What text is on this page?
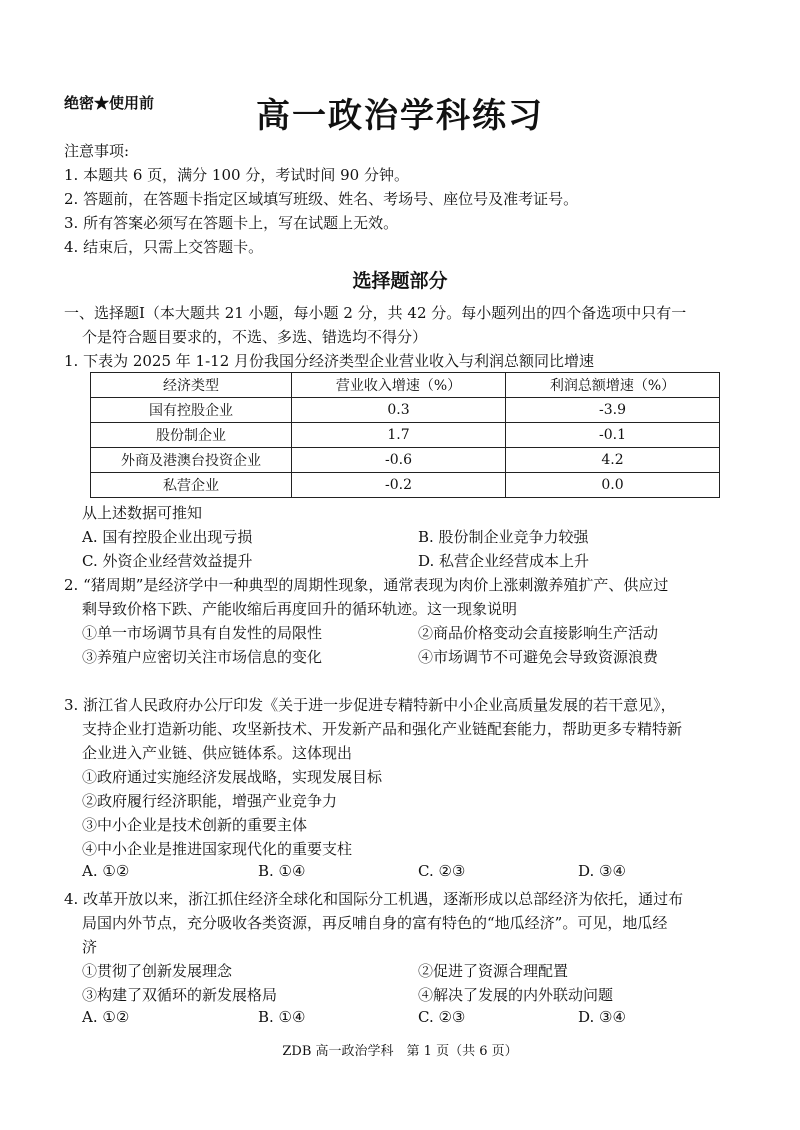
绝密★使用前	高一政治学科练习
注意事项:
1. 本题共 6 页，满分 100 分，考试时间 90 分钟。
2. 答题前，在答题卡指定区域填写班级、姓名、考场号、座位号及准考证号。
3. 所有答案必须写在答题卡上，写在试题上无效。
4. 结束后，只需上交答题卡。
选择题部分
一、选择题Ⅰ（本大题共 21 小题，每小题 2 分，共 42 分。每小题列出的四个备选项中只有一
个是符合题目要求的，不选、多选、错选均不得分）
1. 下表为 2025 年 1-12 月份我国分经济类型企业营业收入与利润总额同比增速
经济类型	营业收入增速（%）	利润总额增速（%）
国有控股企业	0.3	-3.9
股份制企业	1.7	-0.1
外商及港澳台投资企业	-0.6	4.2
私营企业	-0.2	0.0
从上述数据可推知
A. 国有控股企业出现亏损	B. 股份制企业竞争力较强
C. 外资企业经营效益提升	D. 私营企业经营成本上升
2. “猪周期”是经济学中一种典型的周期性现象，通常表现为肉价上涨刺激养殖扩产、供应过
剩导致价格下跌、产能收缩后再度回升的循环轨迹。这一现象说明
①单一市场调节具有自发性的局限性	②商品价格变动会直接影响生产活动
③养殖户应密切关注市场信息的变化	④市场调节不可避免会导致资源浪费
3. 浙江省人民政府办公厅印发《关于进一步促进专精特新中小企业高质量发展的若干意见》，
支持企业打造新功能、攻坚新技术、开发新产品和强化产业链配套能力，帮助更多专精特新
企业进入产业链、供应链体系。这体现出
①政府通过实施经济发展战略，实现发展目标
②政府履行经济职能，增强产业竞争力
③中小企业是技术创新的重要主体
④中小企业是推进国家现代化的重要支柱
A. ①②	B. ①④	C. ②③	D. ③④
4. 改革开放以来，浙江抓住经济全球化和国际分工机遇，逐渐形成以总部经济为依托，通过布
局国内外节点，充分吸收各类资源，再反哺自身的富有特色的“地瓜经济”。可见，地瓜经
济
①贯彻了创新发展理念	②促进了资源合理配置
③构建了双循环的新发展格局	④解决了发展的内外联动问题
A. ①②	B. ①④	C. ②③	D. ③④
ZDB 高一政治学科　第 1 页（共 6 页）
